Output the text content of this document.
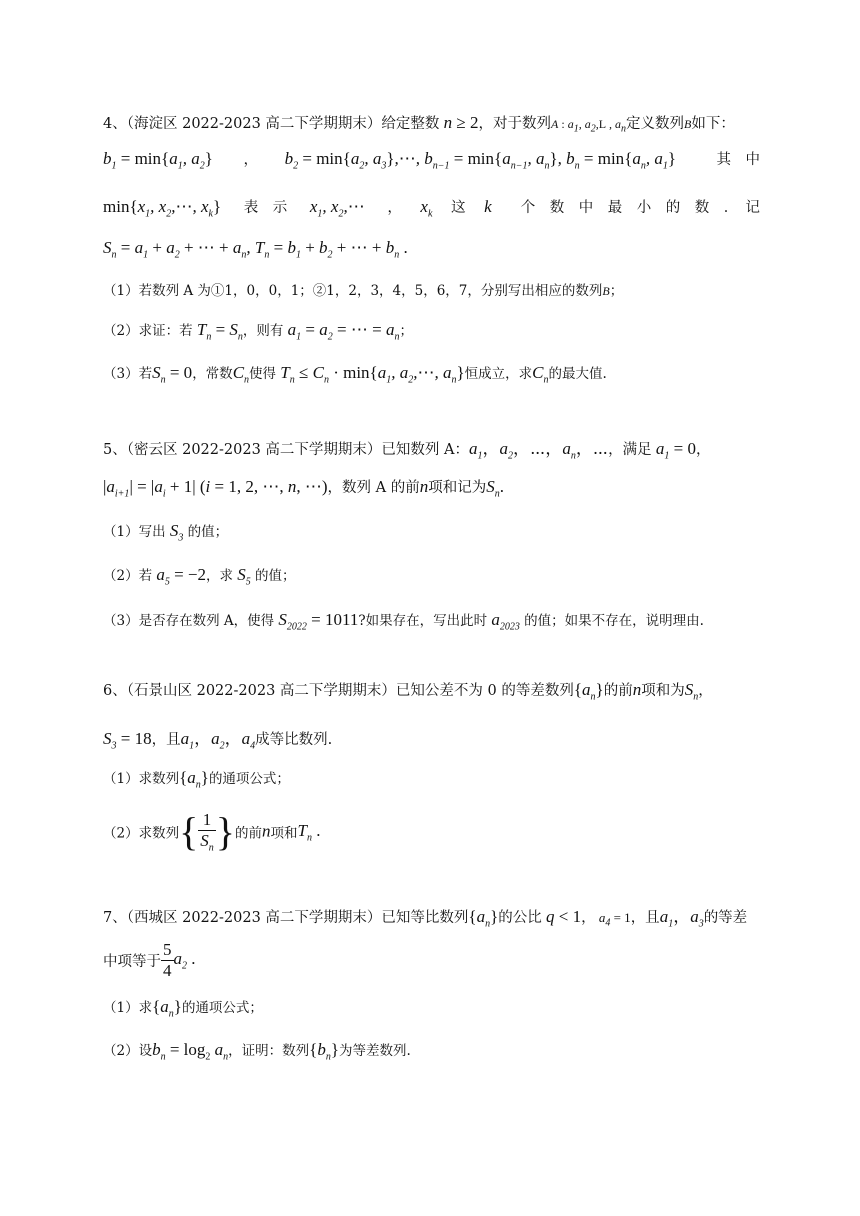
4、（海淀区 2022-2023 高二下学期期末）给定整数 n ≥ 2，对于数列A : $a_1$, $a_2,L$ , $a_n$定义数列B如下：
$b_1 = \min\{a_1$, $a_2$} ， $b_2 = \min\{a_2$, $a_3\},\cdots$, $b_{n-1} = \min\{a_{n-1}$, $a_n$}, $b_n = \min\{a_n$, $a_1$}	其　中
$\min\{x_1$, $x_2,\cdots$, $x_k$} 表　示 $x_1$, $x_2,\cdots$ ， $x_k$ 这 k 个　数　中　最　小　的　数　．　记
$S_n = a_1 + a_2$ + ⋯ + $a_n$, $T_n = b_1 + b_2$ + ⋯ + $b_n$ .
（1）若数列 A 为①1，0，0，1；②1，2，3，4，5，6，7，分别写出相应的数列B；
（2）求证：若 $T_n = S_n$，则有 $a_1 = a_2$ = ⋯ = $a_n$；
（3）若$S_n = 0$，常数$C_n$使得 $T_n \le C_n \cdot \min\{a_1$, $a_2,\cdots$, $a_n$}恒成立，求$C_n$的最大值.
5、（密云区 2022-2023 高二下学期期末）已知数列 A：$a_1$，$a_2$，⋯，$a_n$，⋯，满足 $a_1 = 0$，
$|a_{i+1}| = |a_i + 1|$ (i = 1, 2, ⋯, n, ⋯)，数列 A 的前n项和记为$S_n$.
（1）写出 $S_3$ 的值；
（2）若 $a_5 = -2$，求 $S_5$ 的值；
（3）是否存在数列 A，使得 $S_{2022} = 1011$?如果存在，写出此时 $a_{2023}$ 的值；如果不存在，说明理由.
6、（石景山区 2022-2023 高二下学期期末）已知公差不为 0 的等差数列$\{a_n\}$的前n项和为$S_n$，
$S_3 = 18$，且$a_1$，$a_2$，$a_4$成等比数列.
（1）求数列$\{a_n\}$的通项公式；
（2）求数列{ $\frac{1}{S_n}$ }的前n项和$T_n$ .
7、（西城区 2022-2023 高二下学期期末）已知等比数列$\{a_n\}$的公比 q < 1， $a_4 = 1$，且$a_1$，$a_3$的等差
中项等于 $\frac{5}{4} a_2$ .
（1）求$\{a_n\}$的通项公式；
（2）设$b_n = \log_2 a_n$，证明：数列$\{b_n\}$为等差数列.
